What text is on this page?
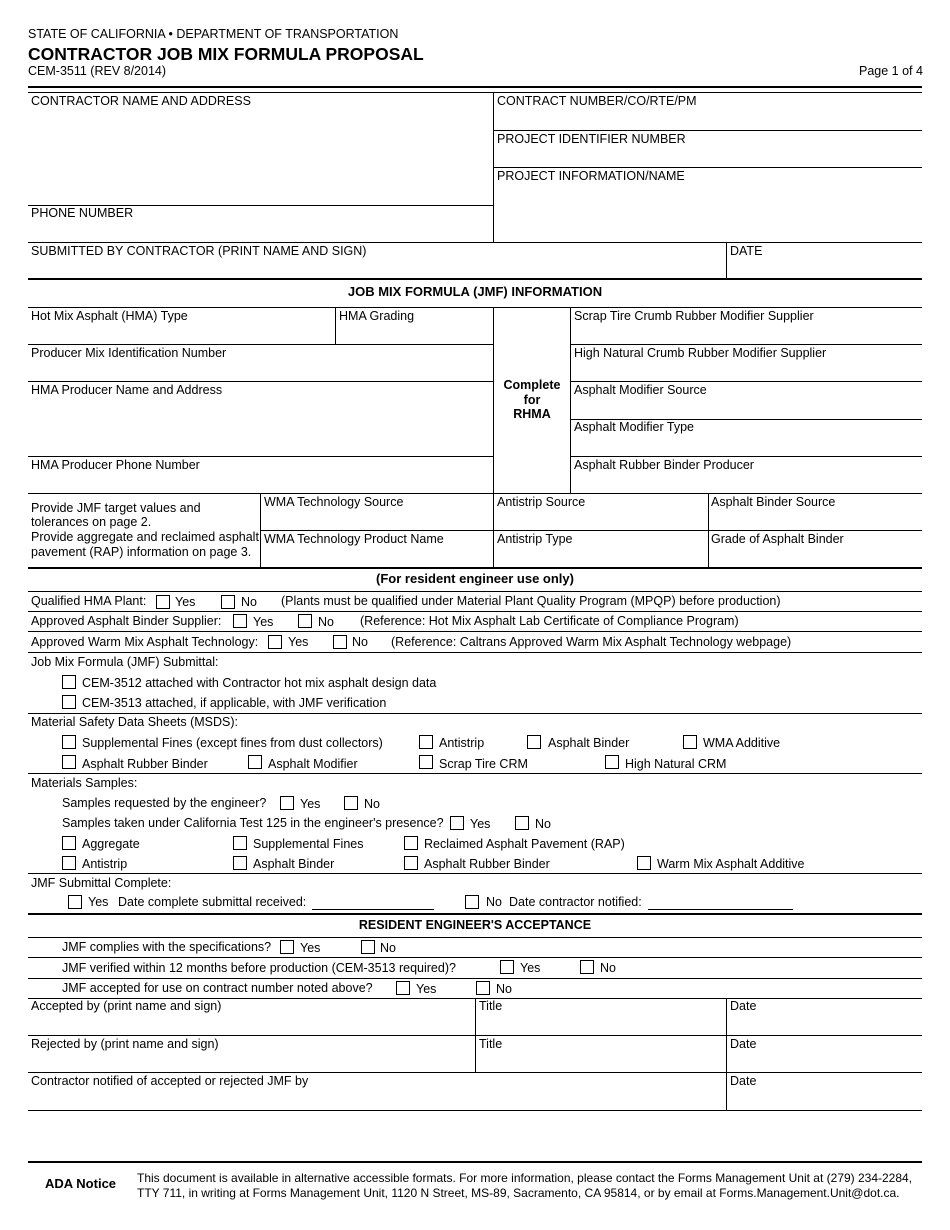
STATE OF CALIFORNIA • DEPARTMENT OF TRANSPORTATION
CONTRACTOR JOB MIX FORMULA PROPOSAL
CEM-3511 (REV 8/2014)	Page 1 of 4
CONTRACTOR NAME AND ADDRESS	CONTRACT NUMBER/CO/RTE/PM
PROJECT IDENTIFIER NUMBER
PROJECT INFORMATION/NAME
PHONE NUMBER
SUBMITTED BY CONTRACTOR (PRINT NAME AND SIGN)	DATE
JOB MIX FORMULA (JMF) INFORMATION
Hot Mix Asphalt (HMA) Type	HMA Grading	Scrap Tire Crumb Rubber Modifier Supplier
Producer Mix Identification Number	High Natural Crumb Rubber Modifier Supplier
HMA Producer Name and Address	Asphalt Modifier Source
Complete
for
RHMA
Asphalt Modifier Type
HMA Producer Phone Number	Asphalt Rubber Binder Producer
Provide JMF target values and
tolerances on page 2.
Provide aggregate and reclaimed asphalt
pavement (RAP) information on page 3.
WMA Technology Source	Antistrip Source	Asphalt Binder Source
WMA Technology Product Name	Antistrip Type	Grade of Asphalt Binder
(For resident engineer use only)
Qualified HMA Plant: Yes	No (Plants must be qualified under Material Plant Quality Program (MPQP) before production)
Approved Asphalt Binder Supplier:	Yes	No (Reference: Hot Mix Asphalt Lab Certificate of Compliance Program)
Approved Warm Mix Asphalt Technology: Yes	No (Reference: Caltrans Approved Warm Mix Asphalt Technology webpage)
Job Mix Formula (JMF) Submittal:
CEM-3512 attached with Contractor hot mix asphalt design data
CEM-3513 attached, if applicable, with JMF verification
Material Safety Data Sheets (MSDS):
Supplemental Fines (except fines from dust collectors)	Antistrip	Asphalt Binder	WMA Additive
Asphalt Rubber Binder	Asphalt Modifier	Scrap Tire CRM	High Natural CRM
Materials Samples:
Samples requested by the engineer?	Yes	No
Samples taken under California Test 125 in the engineer's presence? Yes	No
Aggregate	Supplemental Fines	Reclaimed Asphalt Pavement (RAP)
Antistrip	Asphalt Binder	Asphalt Rubber Binder	Warm Mix Asphalt Additive
JMF Submittal Complete:
Yes Date complete submittal received:	No Date contractor notified:
RESIDENT ENGINEER'S ACCEPTANCE
JMF complies with the specifications? Yes	No
JMF verified within 12 months before production (CEM-3513 required)?	Yes	No
JMF accepted for use on contract number noted above?	Yes	No
Accepted by (print name and sign)	Title	Date
Rejected by (print name and sign)	Title	Date
Contractor notified of accepted or rejected JMF by	Date
ADA Notice This document is available in alternative accessible formats. For more information, please contact the Forms Management Unit at (279) 234-2284,
TTY 711, in writing at Forms Management Unit, 1120 N Street, MS-89, Sacramento, CA 95814, or by email at Forms.Management.Unit@dot.ca.
